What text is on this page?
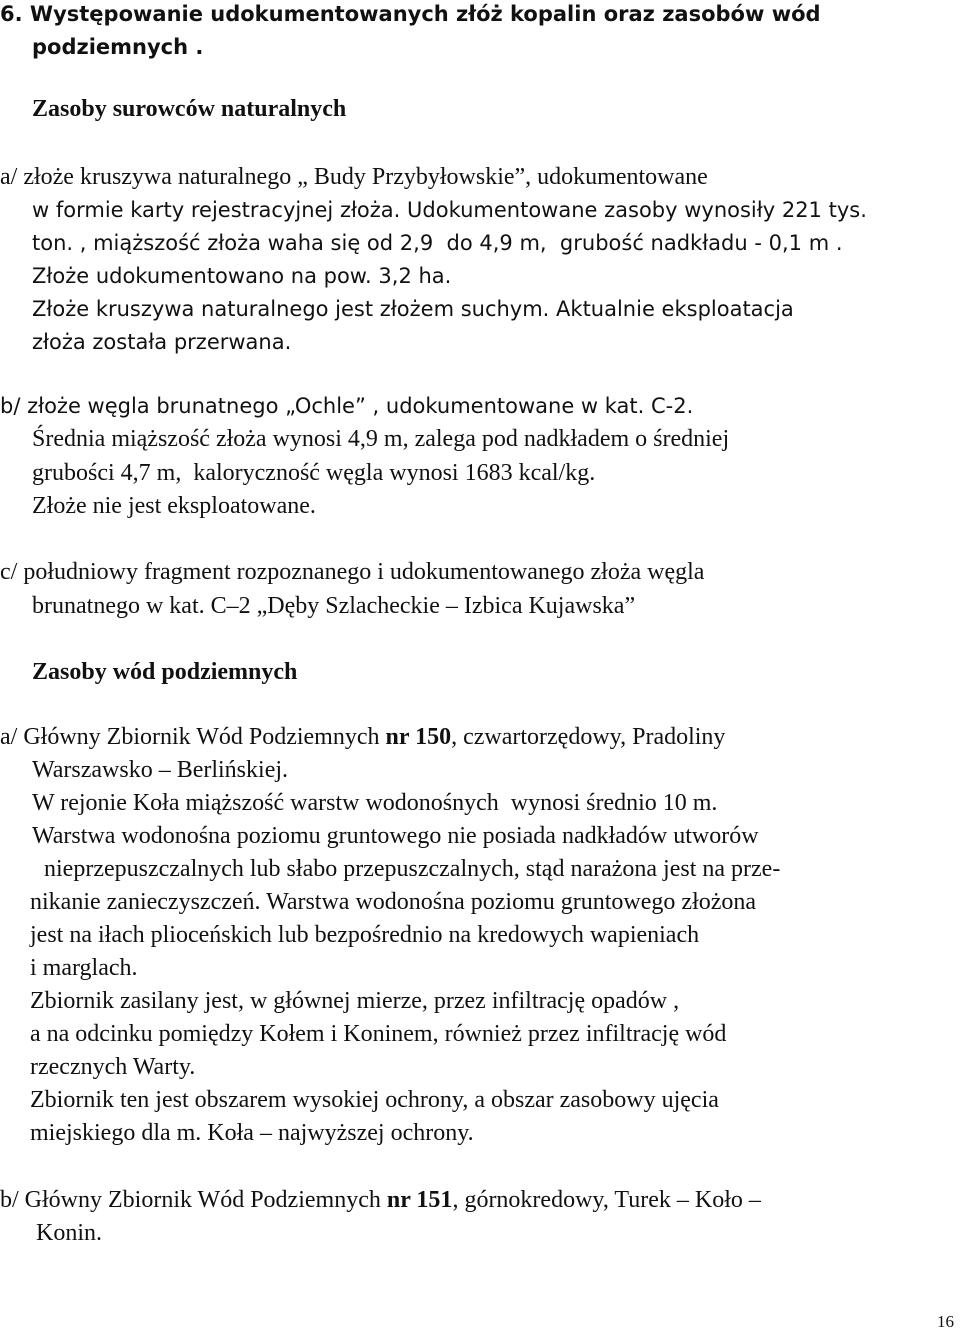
6. Występowanie udokumentowanych złóż kopalin oraz zasobów wód

podziemnych .

Zasoby surowców naturalnych

a/ złoże kruszywa naturalnego „ Budy Przybyłowskie”, udokumentowane

w formie karty rejestracyjnej złoża. Udokumentowane zasoby wynosiły 221 tys.

ton. , miąższość złoża waha się od 2,9  do 4,9 m,  grubość nadkładu - 0,1 m .

Złoże udokumentowano na pow. 3,2 ha.

Złoże kruszywa naturalnego jest złożem suchym. Aktualnie eksploatacja

złoża została przerwana.

b/ złoże węgla brunatnego „Ochle” , udokumentowane w kat. C-2.

Średnia miąższość złoża wynosi 4,9 m, zalega pod nadkładem o średniej

grubości 4,7 m,  kaloryczność węgla wynosi 1683 kcal/kg.

Złoże nie jest eksploatowane.

c/ południowy fragment rozpoznanego i udokumentowanego złoża węgla

brunatnego w kat. C–2 „Dęby Szlacheckie – Izbica Kujawska”

Zasoby wód podziemnych

a/ Główny Zbiornik Wód Podziemnych nr 150, czwartorzędowy, Pradoliny

Warszawsko – Berlińskiej.

W rejonie Koła miąższość warstw wodonośnych  wynosi średnio 10 m.

Warstwa wodonośna poziomu gruntowego nie posiada nadkładów utworów

nieprzepuszczalnych lub słabo przepuszczalnych, stąd narażona jest na prze-

nikanie zanieczyszczeń. Warstwa wodonośna poziomu gruntowego złożona

jest na iłach plioceńskich lub bezpośrednio na kredowych wapieniach

i marglach.

Zbiornik zasilany jest, w głównej mierze, przez infiltrację opadów ,

a na odcinku pomiędzy Kołem i Koninem, również przez infiltrację wód

rzecznych Warty.

Zbiornik ten jest obszarem wysokiej ochrony, a obszar zasobowy ujęcia

miejskiego dla m. Koła – najwyższej ochrony.

b/ Główny Zbiornik Wód Podziemnych nr 151, górnokredowy, Turek – Koło –

Konin.

16
